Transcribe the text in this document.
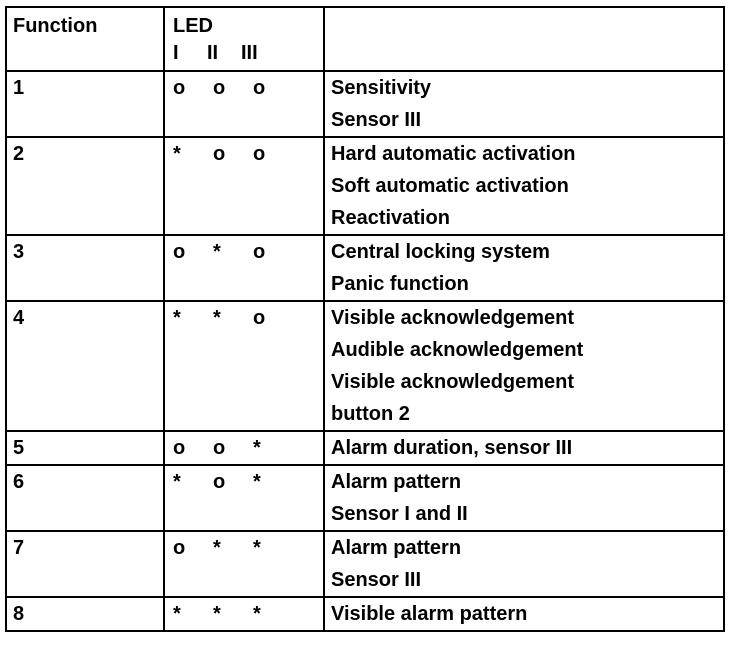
Function	LED
I II III	

1	o o o	Sensitivity
Sensor III

2	* o o	Hard automatic activation
Soft automatic activation
Reactivation

3	o * o	Central locking system
Panic function

4	* * o	Visible acknowledgement
Audible acknowledgement
Visible acknowledgement
button 2

5	o o *	Alarm duration, sensor III

6	* o *	Alarm pattern
Sensor I and II

7	o * *	Alarm pattern
Sensor III

8	* * *	Visible alarm pattern
